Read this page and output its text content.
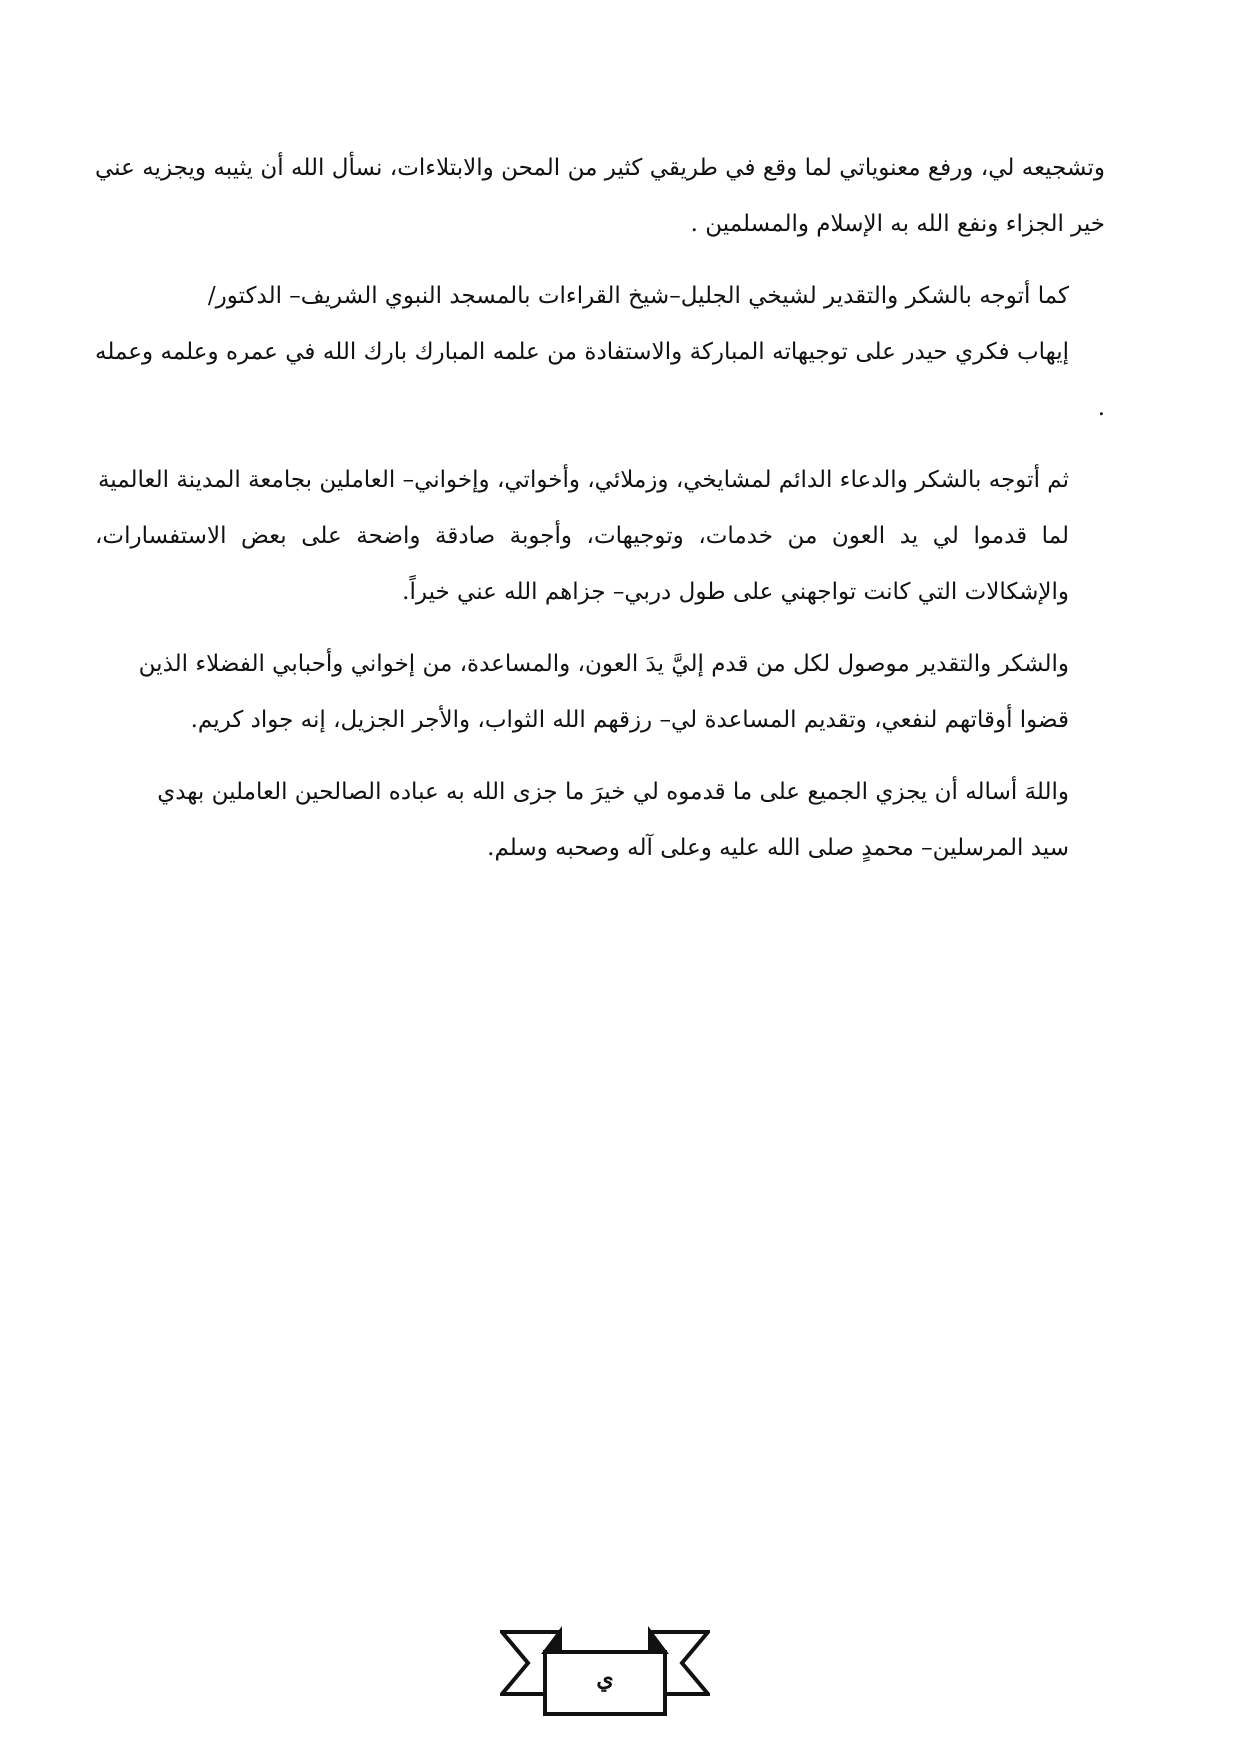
وتشجيعه لي، ورفع معنوياتي لما وقع في طريقي كثير من المحن والابتلاءات، نسأل الله أن يثيبه ويجزيه عني
خير الجزاء ونفع الله به الإسلام والمسلمين .

كما أتوجه بالشكر والتقدير لشيخي الجليل–شيخ القراءات بالمسجد النبوي الشريف– الدكتور/
إيهاب فكري حيدر على توجيهاته المباركة والاستفادة من علمه المبارك بارك الله في عمره وعلمه وعمله .

ثم أتوجه بالشكر والدعاء الدائم لمشايخي، وزملائي، وأخواتي، وإخواني– العاملين بجامعة المدينة العالمية
لما قدموا لي يد العون من خدمات، وتوجيهات، وأجوبة صادقة واضحة على بعض الاستفسارات،
والإشكالات التي كانت تواجهني على طول دربي– جزاهم الله عني خيراً.

والشكر والتقدير موصول لكل من قدم إليَّ يدَ العون، والمساعدة، من إخواني وأحبابي الفضلاء الذين
قضوا أوقاتهم لنفعي، وتقديم المساعدة لي– رزقهم الله الثواب، والأجر الجزيل، إنه جواد كريم.

واللهَ أساله أن يجزي الجميع على ما قدموه لي خيرَ ما جزى الله به عباده الصالحين العاملين بهدي
سيد المرسلين– محمدٍ صلى الله عليه وعلى آله وصحبه وسلم.

ي
